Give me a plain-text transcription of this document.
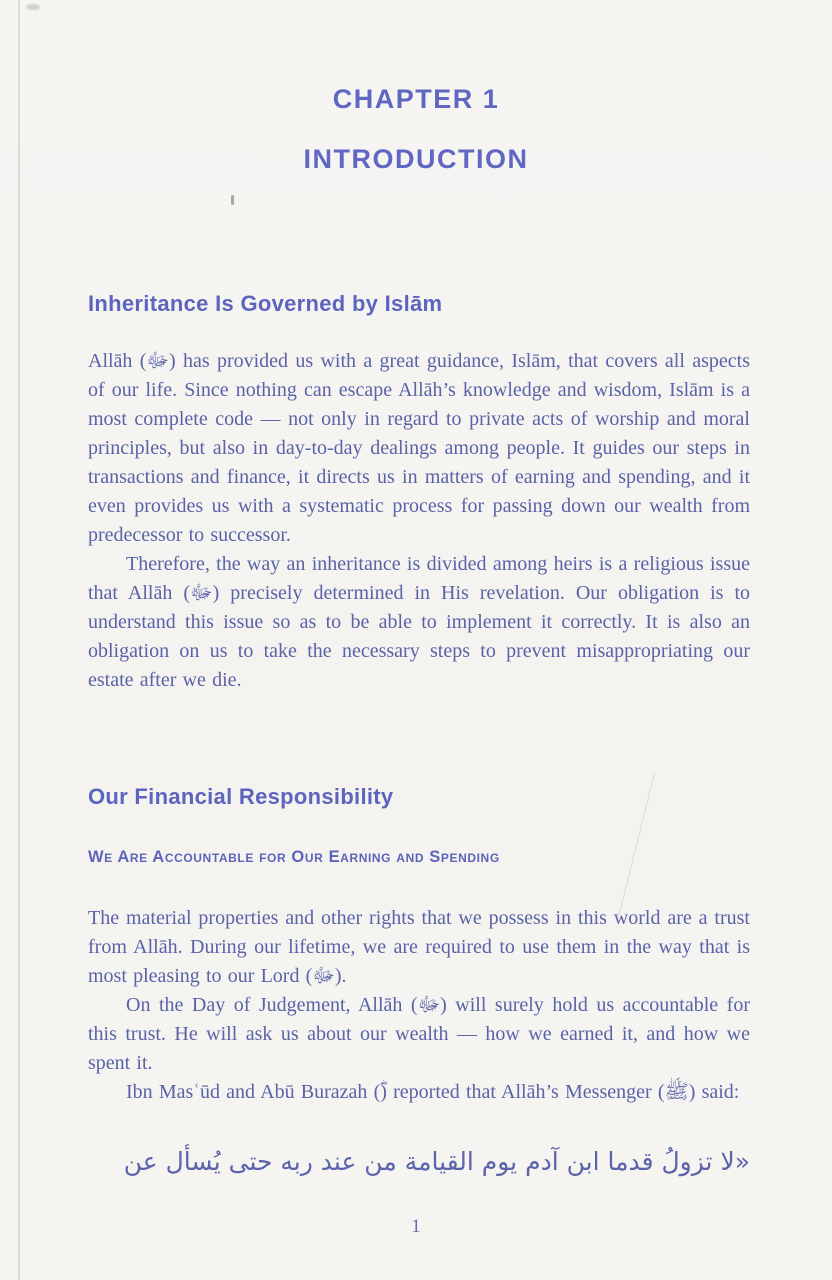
CHAPTER 1
INTRODUCTION
Inheritance Is Governed by Islām

Allāh (ﷻ) has provided us with a great guidance, Islām, that covers all aspects of our life. Since nothing can escape Allāh’s knowledge and wisdom, Islām is a most complete code — not only in regard to private acts of worship and moral principles, but also in day-to-day dealings among people. It guides our steps in transactions and finance, it directs us in matters of earning and spending, and it even provides us with a systematic process for passing down our wealth from predecessor to successor.

Therefore, the way an inheritance is divided among heirs is a religious issue that Allāh (ﷻ) precisely determined in His revelation. Our obligation is to understand this issue so as to be able to implement it correctly. It is also an obligation on us to take the necessary steps to prevent misappropriating our estate after we die.

Our Financial Responsibility
We Are Accountable for Our Earning and Spending

The material properties and other rights that we possess in this world are a trust from Allāh. During our lifetime, we are required to use them in the way that is most pleasing to our Lord (ﷻ).

On the Day of Judgement, Allāh (ﷻ) will surely hold us accountable for this trust. He will ask us about our wealth — how we earned it, and how we spent it.

Ibn Masʿūd and Abū Burazah (ؓ) reported that Allāh’s Messenger (ﷺ) said:

«لا تزولُ قدما ابن آدم يوم القيامة من عند ربه حتى يُسأل عن
1
